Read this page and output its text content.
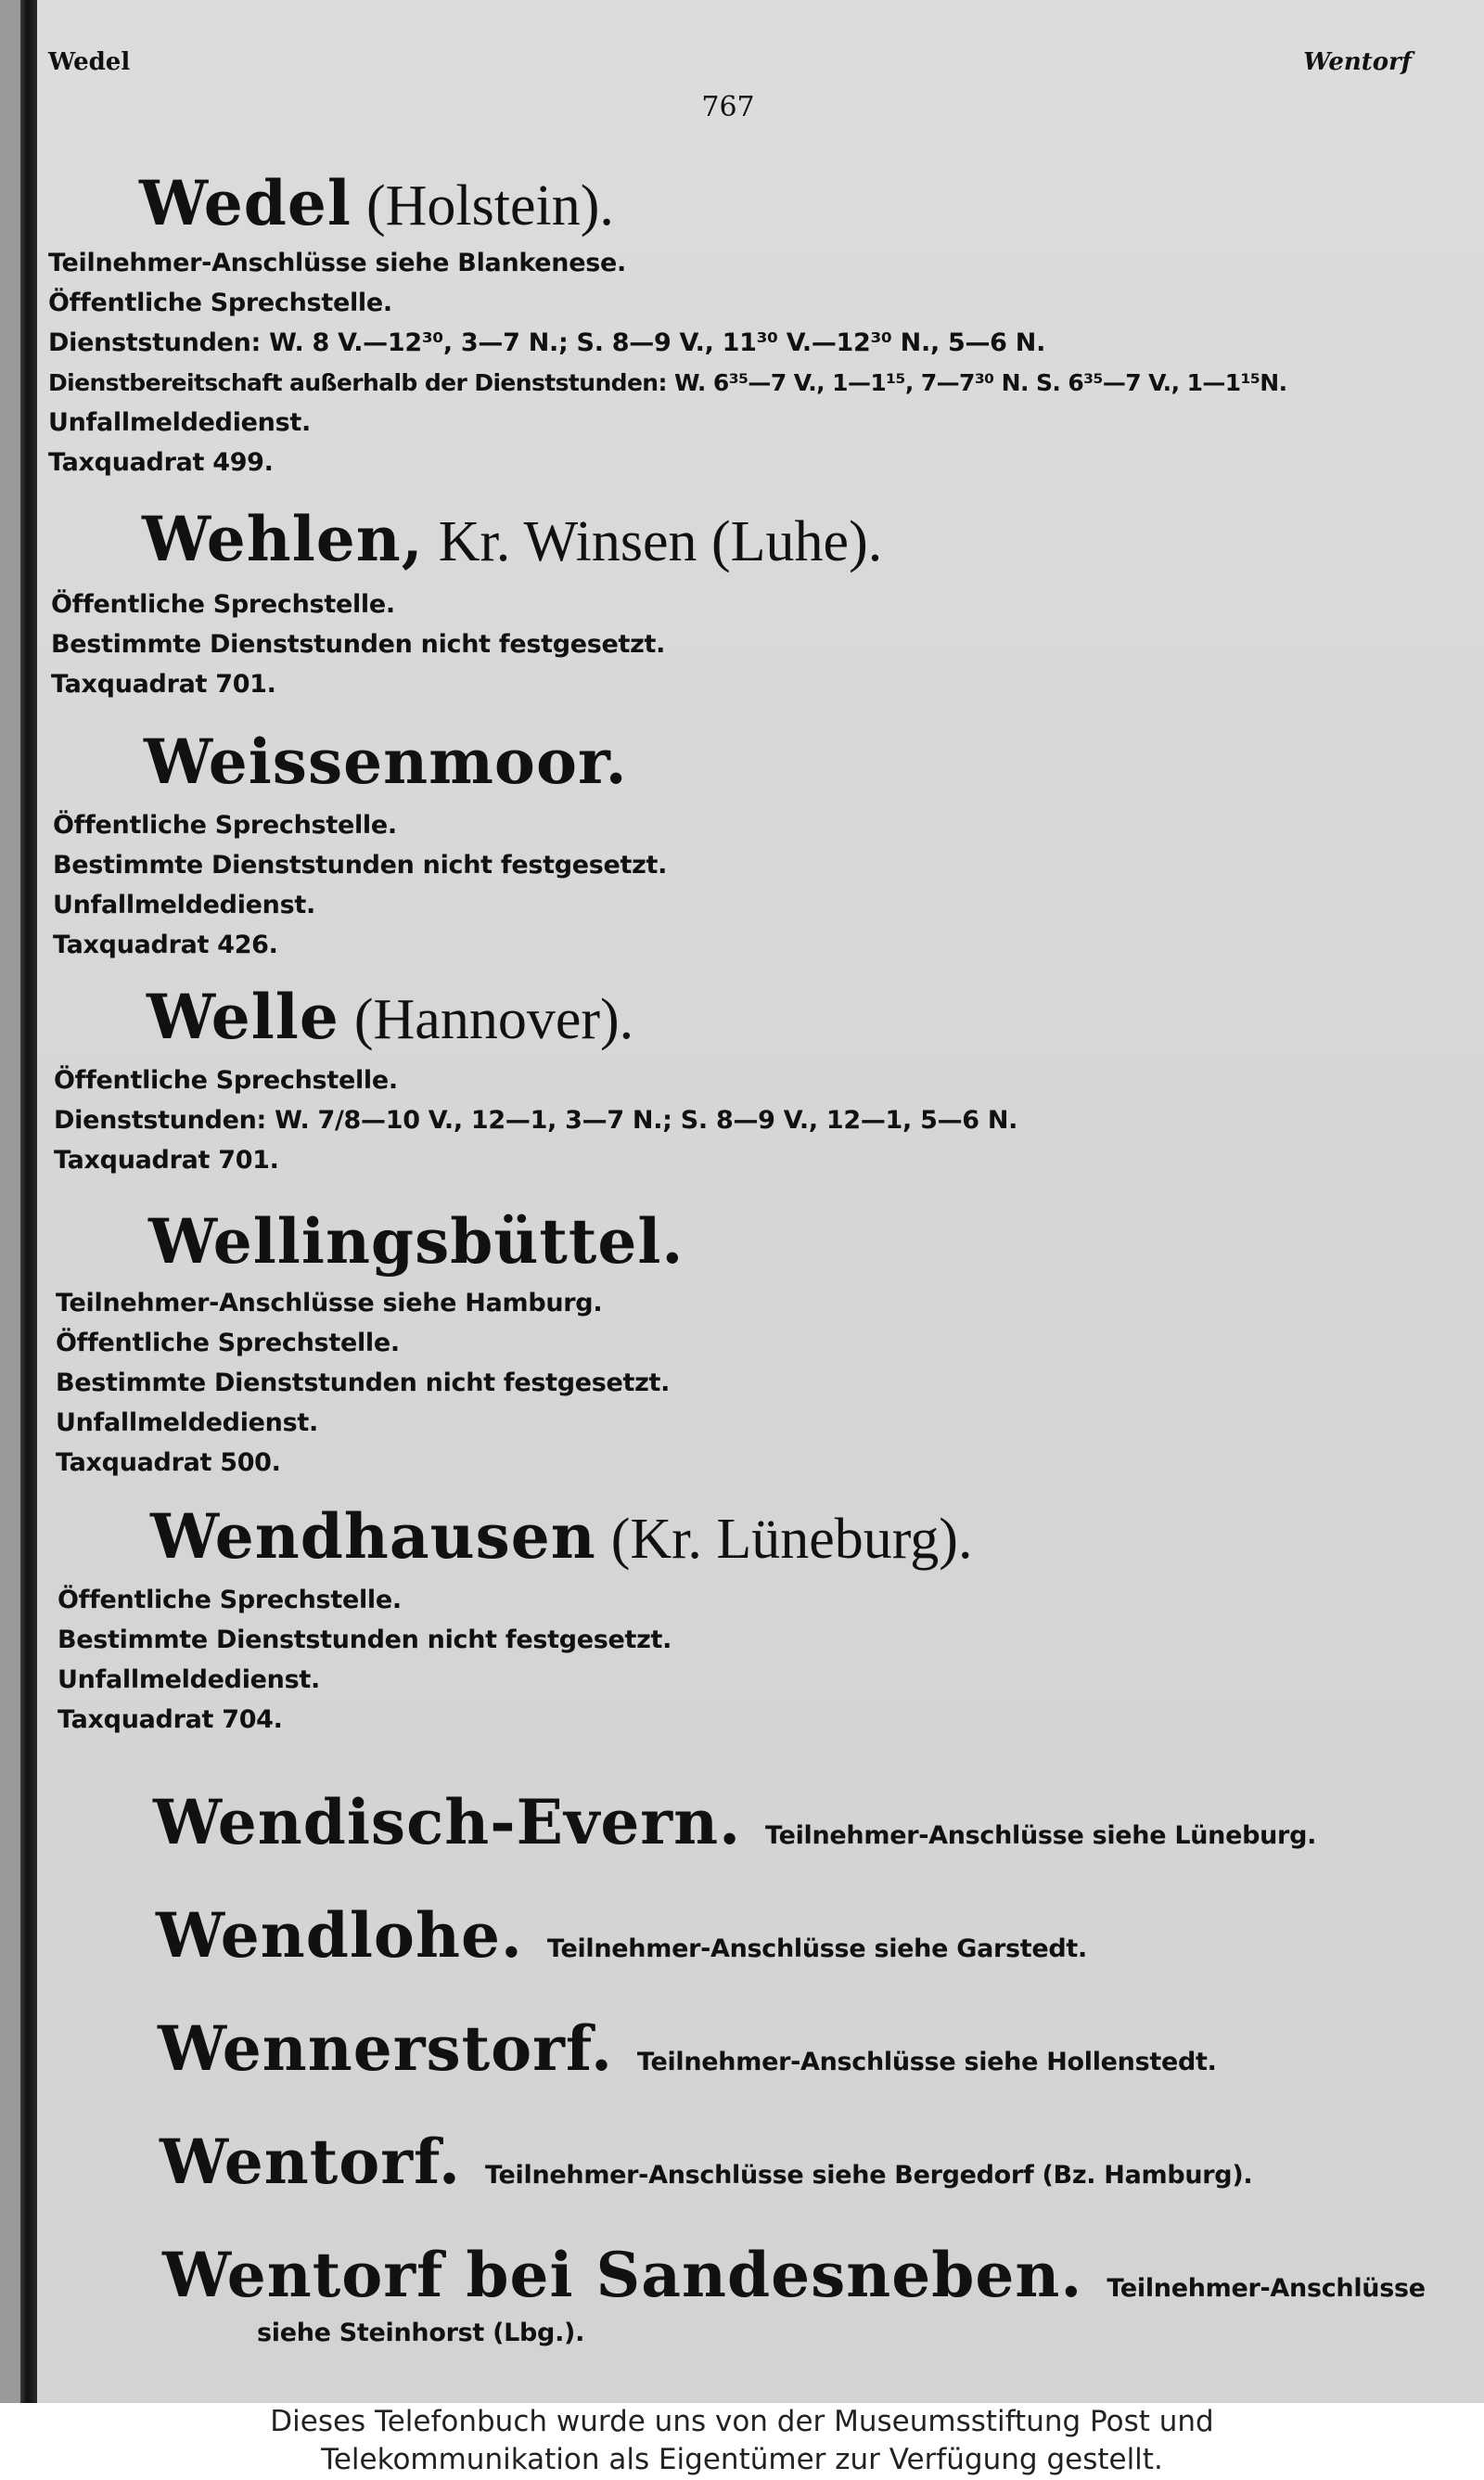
Wedel	Wentorf
767
Wedel (Holstein).
Teilnehmer-Anschlüsse siehe Blankenese.
Öffentliche Sprechstelle.
Dienststunden: W. 8 V.—12³⁰, 3—7 N.; S. 8—9 V., 11³⁰ V.—12³⁰ N., 5—6 N.
Dienstbereitschaft außerhalb der Dienststunden: W. 6³⁵—7 V., 1—1¹⁵, 7—7³⁰ N. S. 6³⁵—7 V., 1—1¹⁵N.
Unfallmeldedienst.
Taxquadrat 499.
Wehlen, Kr. Winsen (Luhe).
Öffentliche Sprechstelle.
Bestimmte Dienststunden nicht festgesetzt.
Taxquadrat 701.
Weissenmoor.
Öffentliche Sprechstelle.
Bestimmte Dienststunden nicht festgesetzt.
Unfallmeldedienst.
Taxquadrat 426.
Welle (Hannover).
Öffentliche Sprechstelle.
Dienststunden: W. 7/8—10 V., 12—1, 3—7 N.; S. 8—9 V., 12—1, 5—6 N.
Taxquadrat 701.
Wellingsbüttel.
Teilnehmer-Anschlüsse siehe Hamburg.
Öffentliche Sprechstelle.
Bestimmte Dienststunden nicht festgesetzt.
Unfallmeldedienst.
Taxquadrat 500.
Wendhausen (Kr. Lüneburg).
Öffentliche Sprechstelle.
Bestimmte Dienststunden nicht festgesetzt.
Unfallmeldedienst.
Taxquadrat 704.
Wendisch-Evern. Teilnehmer-Anschlüsse siehe Lüneburg.
Wendlohe. Teilnehmer-Anschlüsse siehe Garstedt.
Wennerstorf. Teilnehmer-Anschlüsse siehe Hollenstedt.
Wentorf. Teilnehmer-Anschlüsse siehe Bergedorf (Bz. Hamburg).
Wentorf bei Sandesneben. Teilnehmer-Anschlüsse
siehe Steinhorst (Lbg.).
Dieses Telefonbuch wurde uns von der Museumsstiftung Post und
Telekommunikation als Eigentümer zur Verfügung gestellt.
